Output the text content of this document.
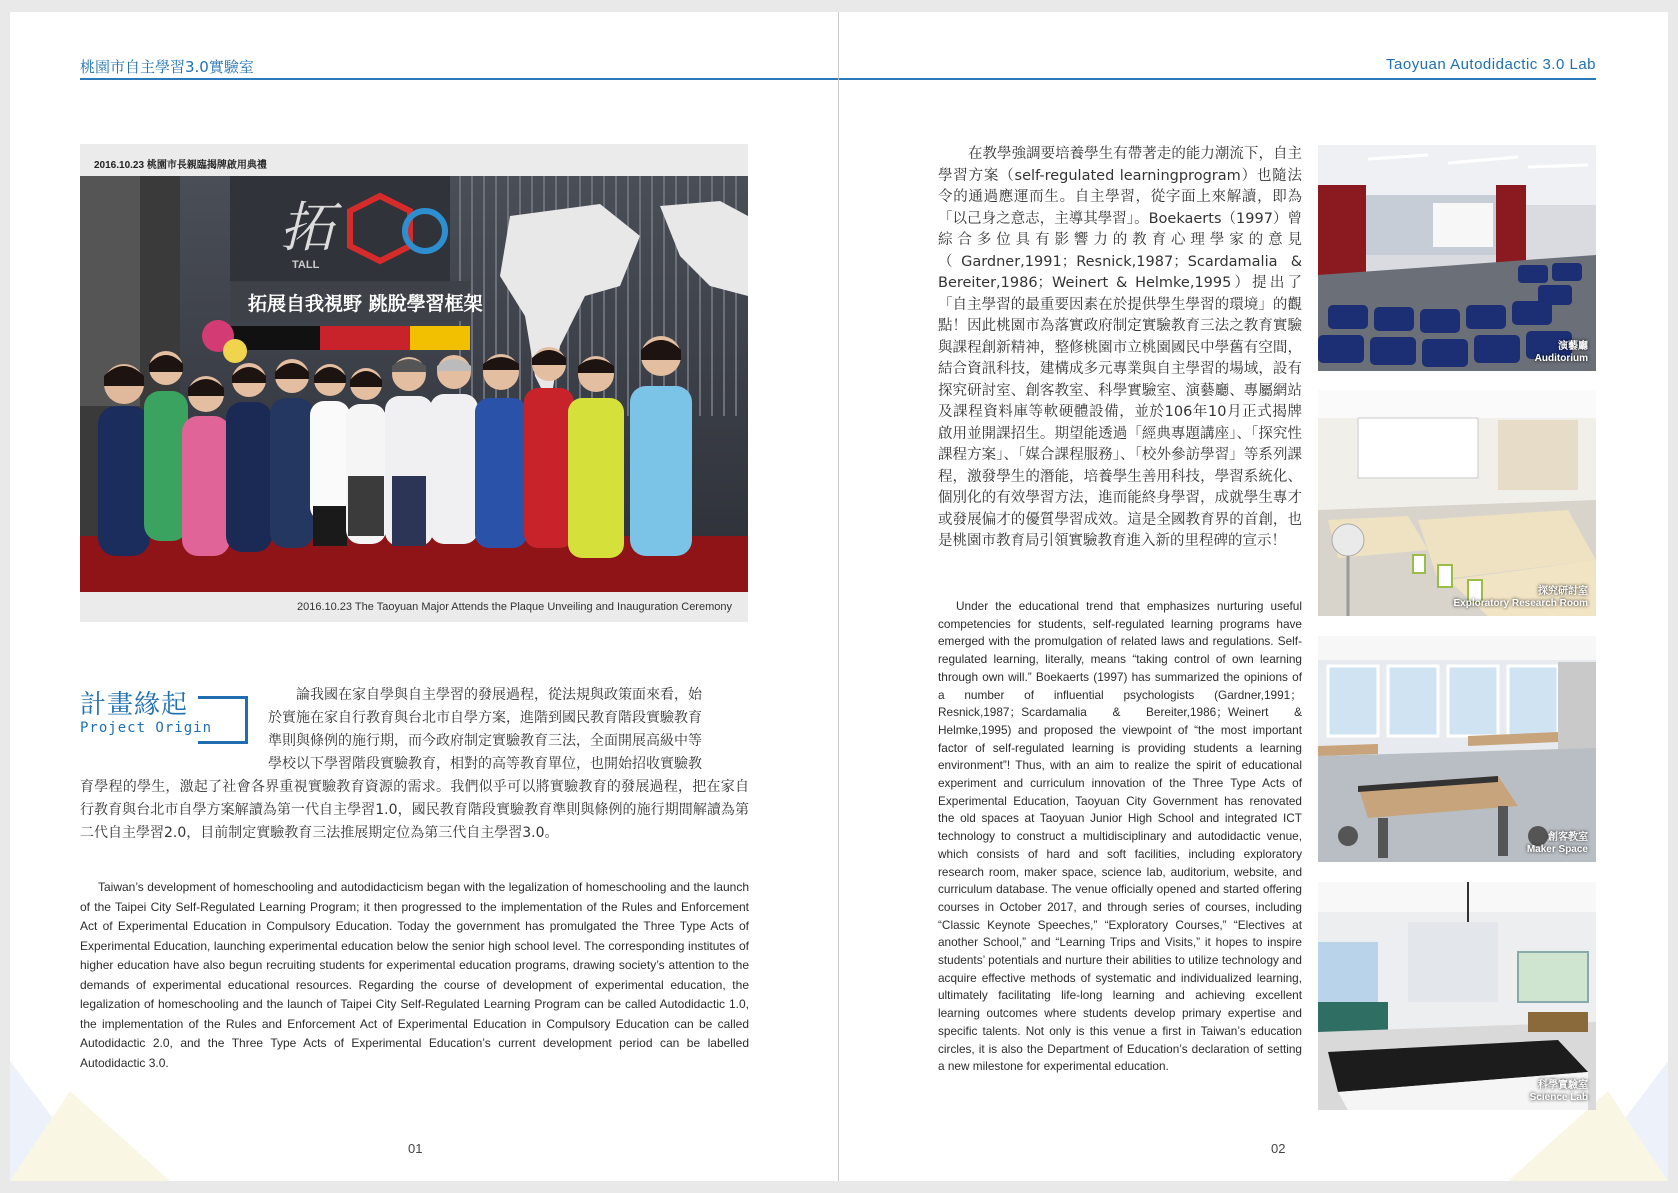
桃園市自主學習3.0實驗室
2016.10.23 桃園市長親臨揭牌啟用典禮
拓
TALL
拓展自我視野 跳脫學習框架
2016.10.23 The Taoyuan Major Attends the Plaque Unveiling and Inauguration Ceremony
計畫緣起
Project Origin
論我國在家自學與自主學習的發展過程，從法規與政策面來看，始
於實施在家自行教育與台北市自學方案，進階到國民教育階段實驗教育
準則與條例的施行期，而今政府制定實驗教育三法，全面開展高級中等
學校以下學習階段實驗教育，相對的高等教育單位，也開始招收實驗教
育學程的學生，激起了社會各界重視實驗教育資源的需求。我們似乎可以將實驗教育的發展過程，把在家自行教育與台北市自學方案解讀為第一代自主學習1.0，國民教育階段實驗教育準則與條例的施行期間解讀為第二代自主學習2.0，目前制定實驗教育三法推展期定位為第三代自主學習3.0。
Taiwan’s development of homeschooling and autodidacticism began with the legalization of homeschooling and the launch of the Taipei City Self-Regulated Learning Program; it then progressed to the implementation of the Rules and Enforcement Act of Experimental Education in Compulsory Education. Today the government has promulgated the Three Type Acts of Experimental Education, launching experimental education below the senior high school level. The corresponding institutes of higher education have also begun recruiting students for experimental education programs, drawing society’s attention to the demands of experimental educational resources. Regarding the course of development of experimental education, the legalization of homeschooling and the launch of Taipei City Self-Regulated Learning Program can be called Autodidactic 1.0, the implementation of the Rules and Enforcement Act of Experimental Education in Compulsory Education can be called Autodidactic 2.0, and the Three Type Acts of Experimental Education’s current development period can be labelled Autodidactic 3.0.
01
Taoyuan Autodidactic 3.0 Lab
在教學強調要培養學生有帶著走的能力潮流下，自主學習方案（self-regulated learningprogram）也隨法令的通過應運而生。自主學習，從字面上來解讀，即為「以己身之意志，主導其學習」。Boekaerts（1997）曾綜合多位具有影響力的教育心理學家的意見（Gardner,1991；Resnick,1987；Scardamalia & Bereiter,1986；Weinert & Helmke,1995）提出了「自主學習的最重要因素在於提供學生學習的環境」的觀點！因此桃園市為落實政府制定實驗教育三法之教育實驗與課程創新精神，整修桃園市立桃園國民中學舊有空間，結合資訊科技，建構成多元專業與自主學習的場域，設有探究研討室、創客教室、科學實驗室、演藝廳、專屬網站及課程資料庫等軟硬體設備，並於106年10月正式揭牌啟用並開課招生。期望能透過「經典專題講座」、「探究性課程方案」、「媒合課程服務」、「校外參訪學習」等系列課程，激發學生的潛能，培養學生善用科技，學習系統化、個別化的有效學習方法，進而能終身學習，成就學生專才或發展偏才的優質學習成效。這是全國教育界的首創，也是桃園市教育局引領實驗教育進入新的里程碑的宣示！
Under the educational trend that emphasizes nurturing useful competencies for students, self-regulated learning programs have emerged with the promulgation of related laws and regulations. Self-regulated learning, literally, means “taking control of own learning through own will.” Boekaerts (1997) has summarized the opinions of a number of influential psychologists (Gardner,1991；Resnick,1987；Scardamalia & Bereiter,1986；Weinert & Helmke,1995) and proposed the viewpoint of “the most important factor of self-regulated learning is providing students a learning environment”! Thus, with an aim to realize the spirit of educational experiment and curriculum innovation of the Three Type Acts of Experimental Education, Taoyuan City Government has renovated the old spaces at Taoyuan Junior High School and integrated ICT technology to construct a multidisciplinary and autodidactic venue, which consists of hard and soft facilities, including exploratory research room, maker space, science lab, auditorium, website, and curriculum database. The venue officially opened and started offering courses in October 2017, and through series of courses, including “Classic Keynote Speeches,” “Exploratory Courses,” “Electives at another School,” and “Learning Trips and Visits,” it hopes to inspire students’ potentials and nurture their abilities to utilize technology and acquire effective methods of systematic and individualized learning, ultimately facilitating life-long learning and achieving excellent learning outcomes where students develop primary expertise and specific talents. Not only is this venue a first in Taiwan’s education circles, it is also the Department of Education’s declaration of setting a new milestone for experimental education.
演藝廳
Auditorium
探究研討室
Exploratory Research Room
創客教室
Maker Space
科學實驗室
Science Lab
02
